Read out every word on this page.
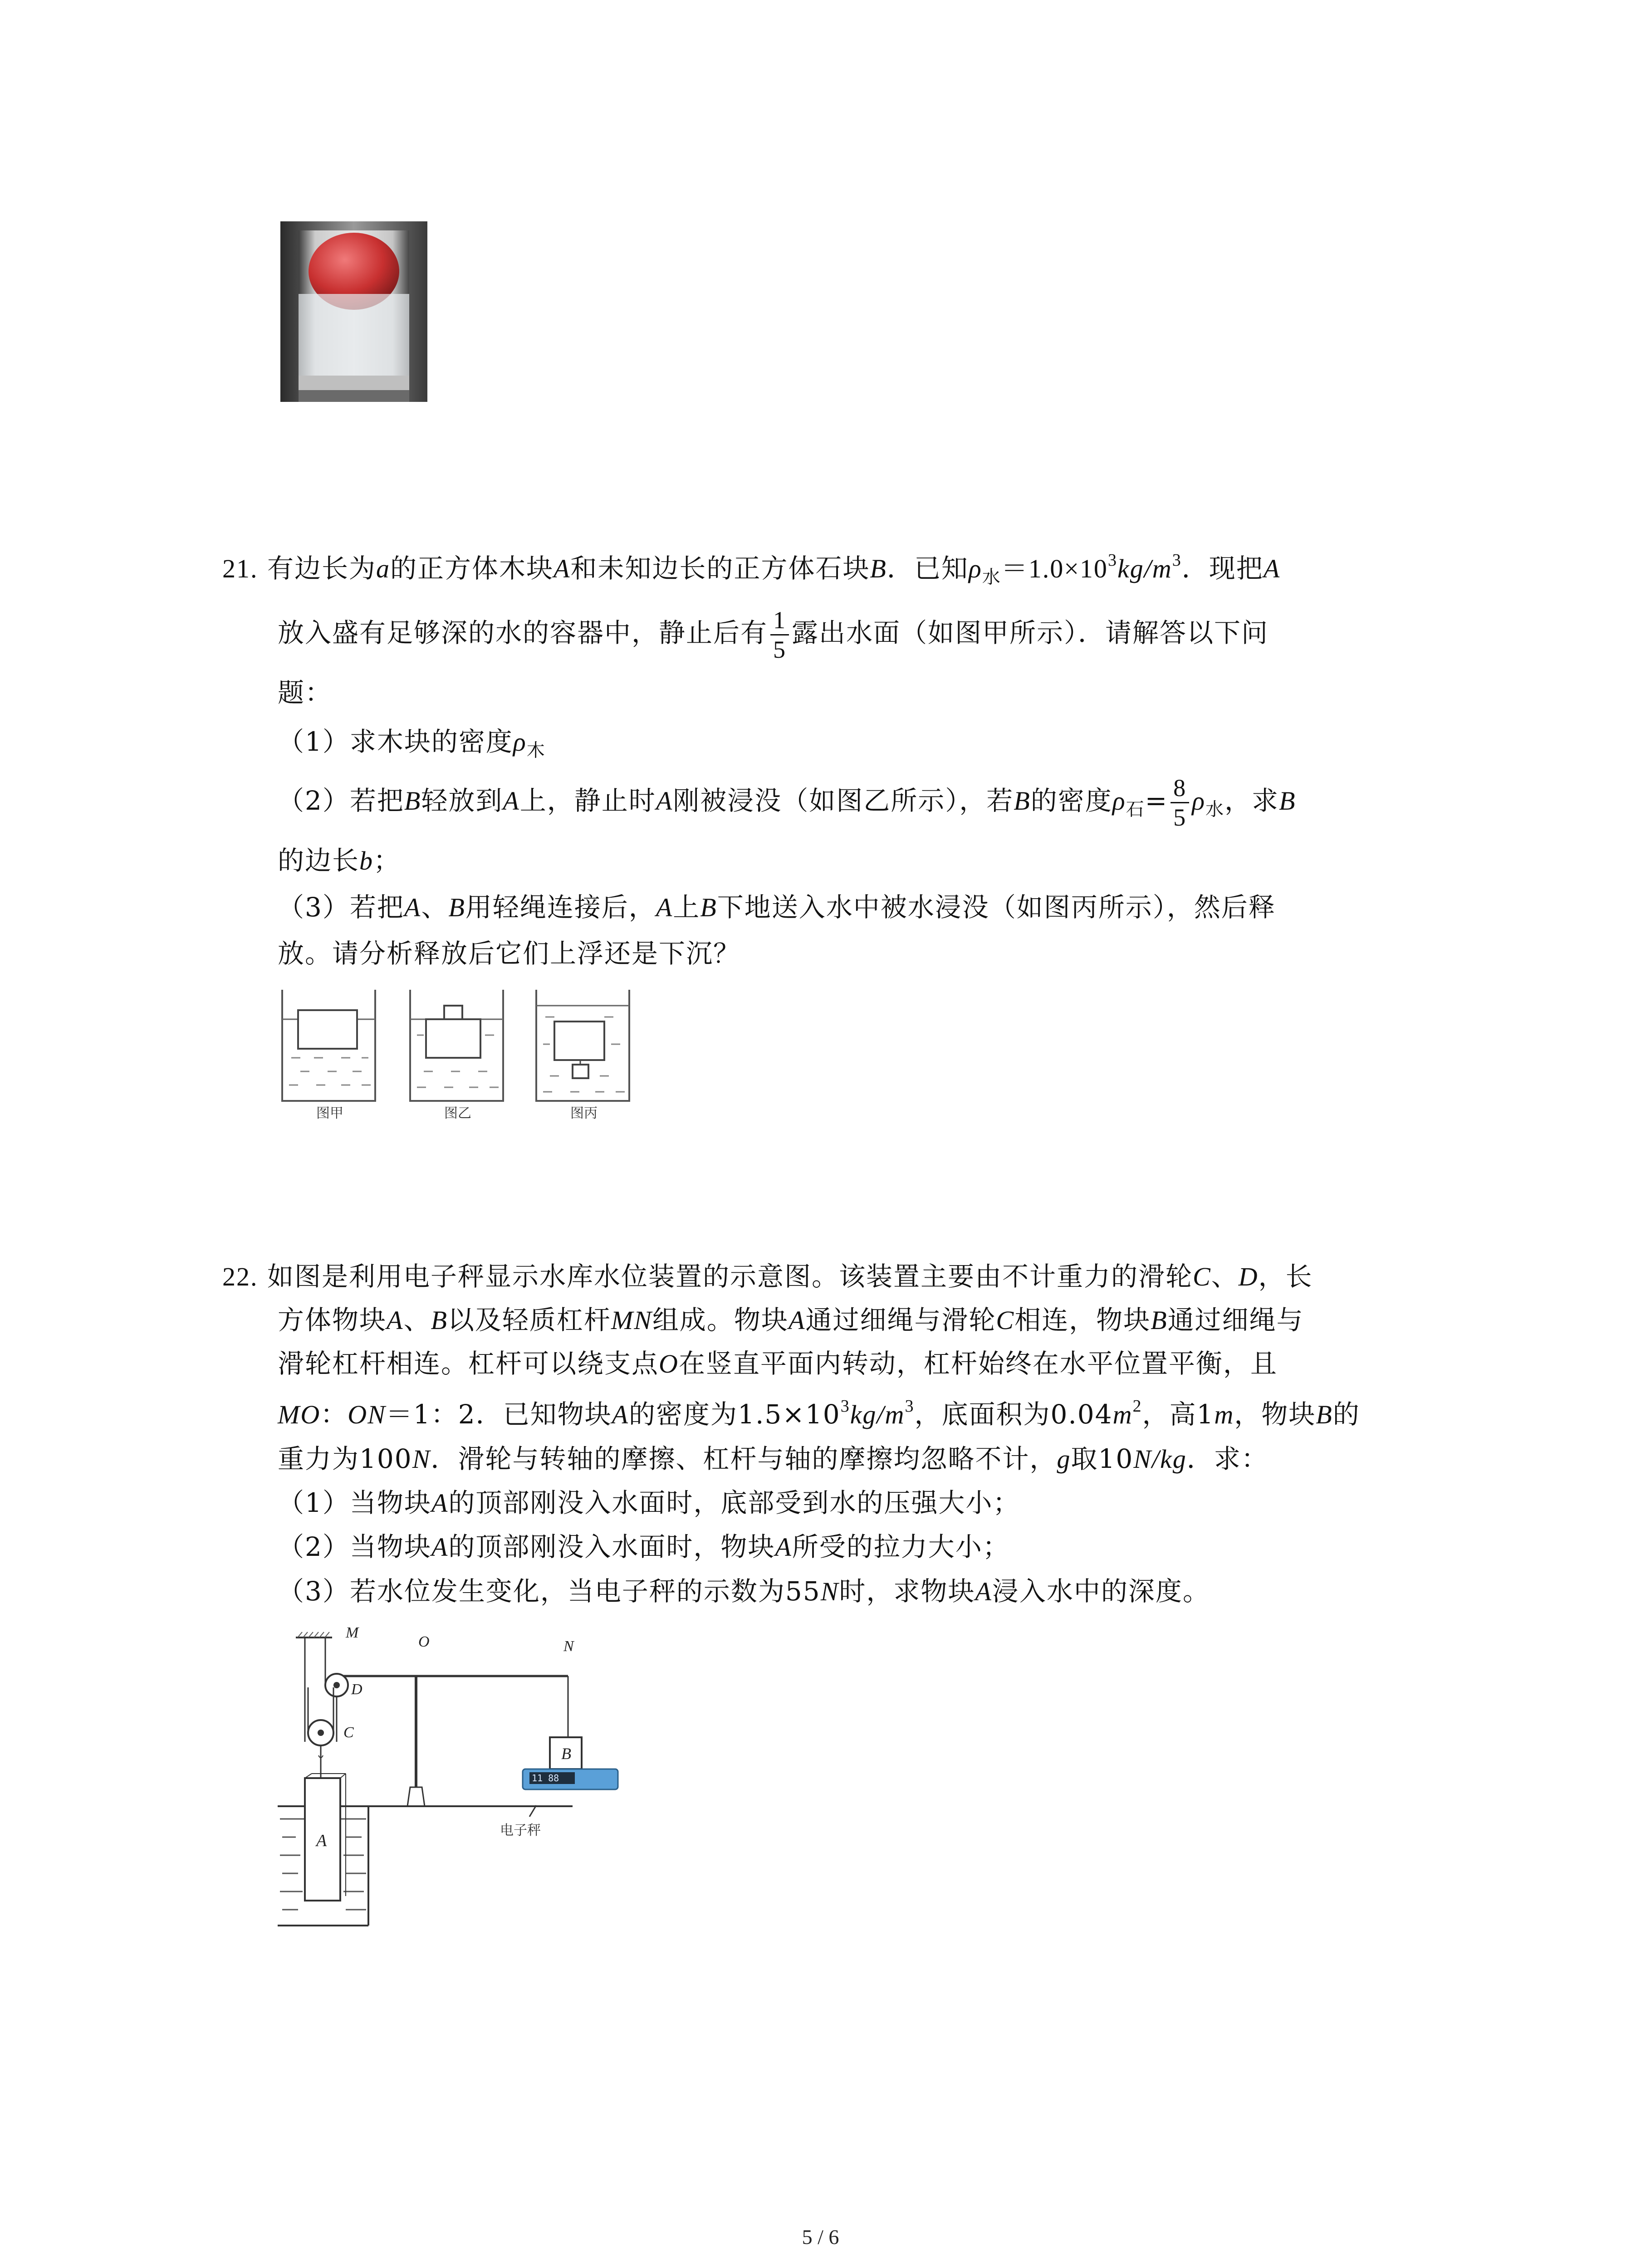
21. 有边长为a的正方体木块A和未知边长的正方体石块B．已知$\rho_水=1.0\times 10^3kg/m^3$．现把A
放入盛有足够深的水的容器中，静止后有 $\frac{1}{5}$ 露出水面（如图甲所示）．请解答以下问
题：
（1）求木块的密度$\rho_木$
（2）若把B轻放到A上，静止时A刚被浸没（如图乙所示），若B的密度$\rho_石= \frac{8}{5} \rho_水$，求B
的边长b；
（3）若把A、B用轻绳连接后，A上B下地送入水中被水浸没（如图丙所示），然后释
放。请分析释放后它们上浮还是下沉？
图甲	图乙	图丙
22. 如图是利用电子秤显示水库水位装置的示意图。该装置主要由不计重力的滑轮C、D，长
方体物块A、B以及轻质杠杆MN组成。物块A通过细绳与滑轮C相连，物块B通过细绳与
滑轮杠杆相连。杠杆可以绕支点O在竖直平面内转动，杠杆始终在水平位置平衡，且
MO：ON＝1：2．已知物块A的密度为$1.5\times 10^3kg/m^3$，底面积为$0.04m^2$，高1m，物块B的
重力为100N．滑轮与转轴的摩擦、杠杆与轴的摩擦均忽略不计，g取10N/kg．求：
（1）当物块A的顶部刚没入水面时，底部受到水的压强大小；
（2）当物块A的顶部刚没入水面时，物块A所受的拉力大小；
（3）若水位发生变化，当电子秤的示数为55N时，求物块A浸入水中的深度。
11 88
M
O	N
D
C
A
B
电子秤
5 / 6
